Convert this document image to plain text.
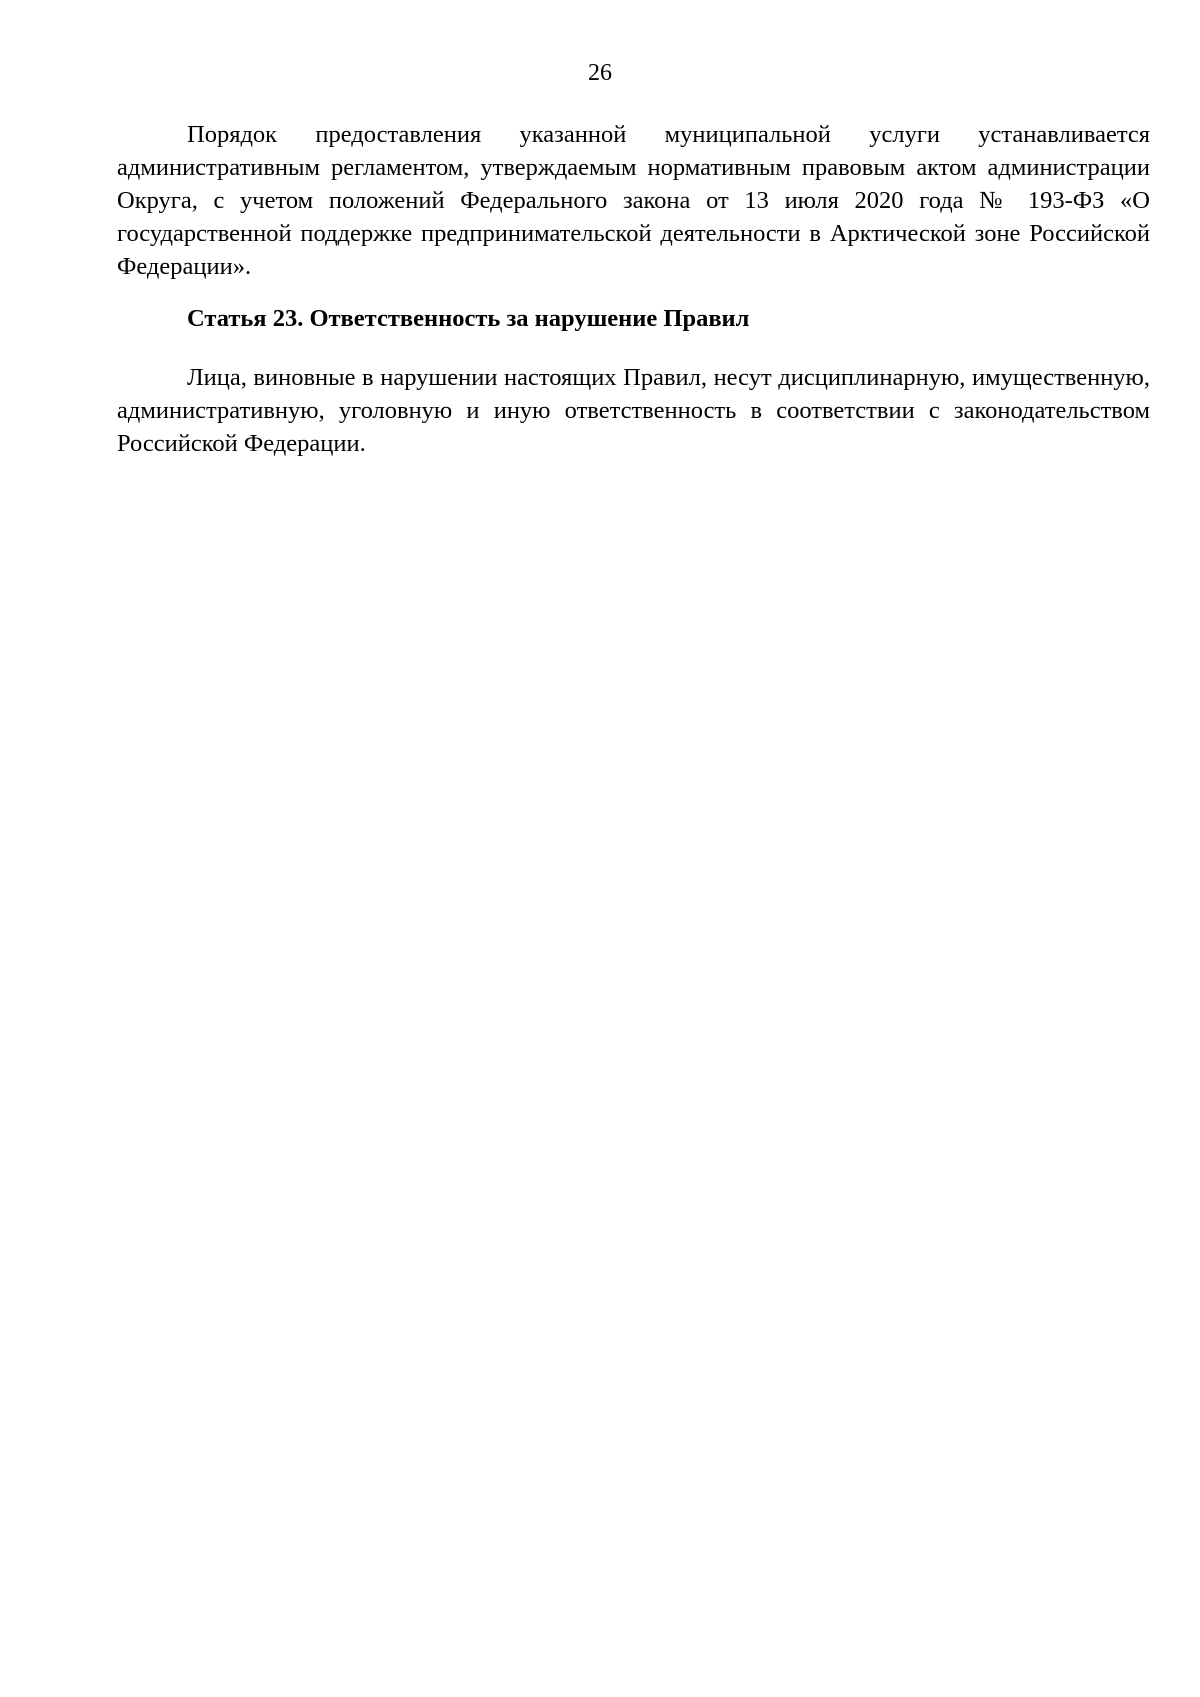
26

Порядок предоставления указанной муниципальной услуги устанавливается административным регламентом, утверждаемым нормативным правовым актом администрации Округа, с учетом положений Федерального закона от 13 июля 2020 года № 193-ФЗ «О государственной поддержке предпринимательской деятельности в Арктической зоне Российской Федерации».

Статья 23. Ответственность за нарушение Правил

Лица, виновные в нарушении настоящих Правил, несут дисциплинарную, имущественную, административную, уголовную и иную ответственность в соответствии с законодательством Российской Федерации.
